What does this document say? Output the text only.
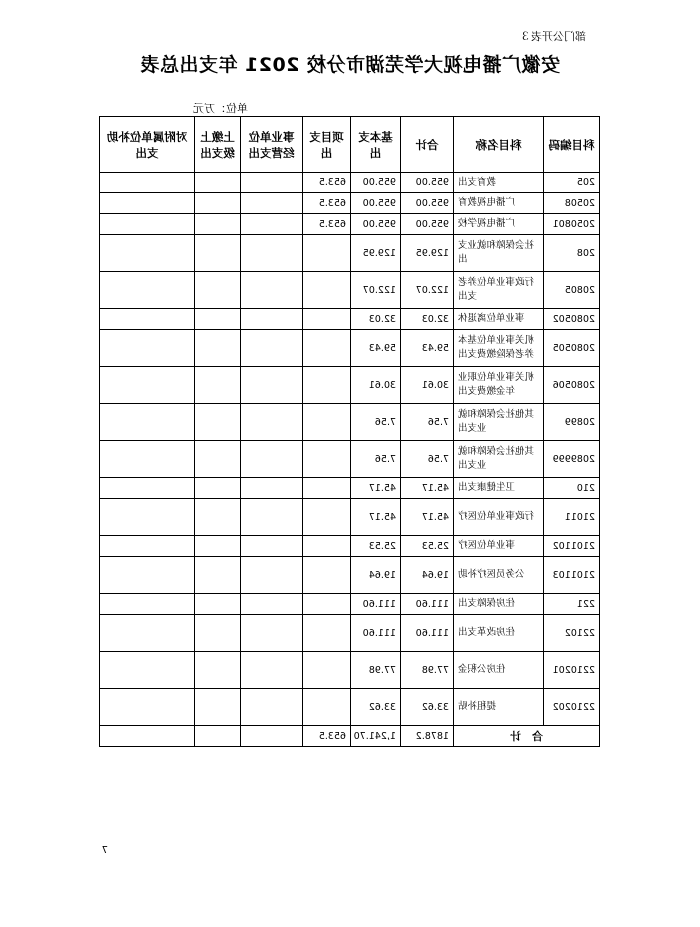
部门公开表３
安徽广播电视大学芜湖市分校 2021 年支出总表
单位：万元
科目编码	科目名称	合计	基本支出	项目支出	事业单位经营支出	上缴上级支出	对附属单位补助支出
205	教育支出	955.00	955.00	653.5			
20508	广播电视教育	955.00	955.00	653.5			
2050801	广播电视学校	955.00	955.00	653.5			
208	社会保障和就业支出	129.95	129.95				
20805	行政事业单位养老支出	122.07	122.07				
2080502	事业单位离退休	32.03	32.03				
2080505	机关事业单位基本养老保险缴费支出	59.43	59.43				
2080506	机关事业单位职业年金缴费支出	30.61	30.61				
20899	其他社会保障和就业支出	7.56	7.56				
2089999	其他社会保障和就业支出	7.56	7.56				
210	卫生健康支出	45.17	45.17				
21011	行政事业单位医疗	45.17	45.17				
2101102	事业单位医疗	25.53	25.53				
2101103	公务员医疗补助	19.64	19.64				
221	住房保障支出	111.60	111.60				
22102	住房改革支出	111.60	111.60				
2210201	住房公积金	77.98	77.98				
2210202	提租补贴	33.62	33.62				
合　计		1878.2	1,241.70	653.5			
7
